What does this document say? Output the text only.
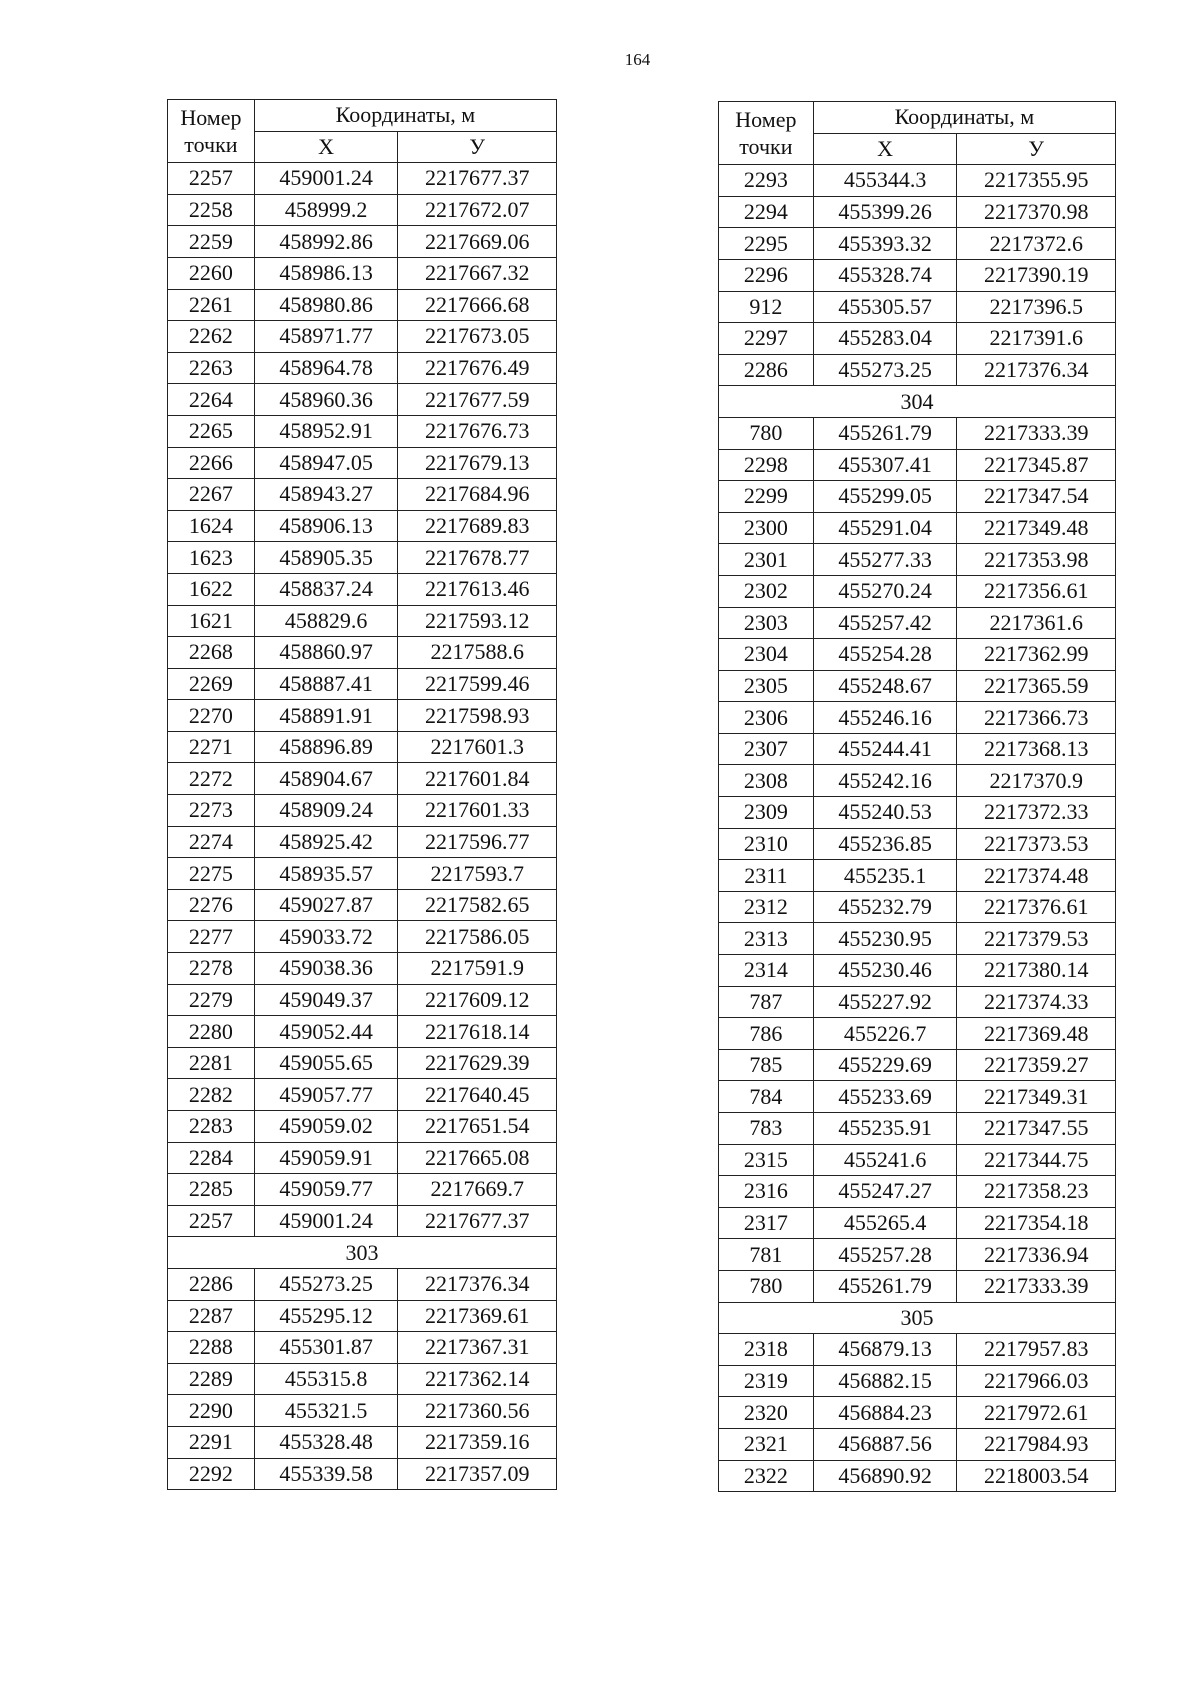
164
Номер
точки	Координаты, м	
	X	У
2257	459001.24	2217677.37
2258	458999.2	2217672.07
2259	458992.86	2217669.06
2260	458986.13	2217667.32
2261	458980.86	2217666.68
2262	458971.77	2217673.05
2263	458964.78	2217676.49
2264	458960.36	2217677.59
2265	458952.91	2217676.73
2266	458947.05	2217679.13
2267	458943.27	2217684.96
1624	458906.13	2217689.83
1623	458905.35	2217678.77
1622	458837.24	2217613.46
1621	458829.6	2217593.12
2268	458860.97	2217588.6
2269	458887.41	2217599.46
2270	458891.91	2217598.93
2271	458896.89	2217601.3
2272	458904.67	2217601.84
2273	458909.24	2217601.33
2274	458925.42	2217596.77
2275	458935.57	2217593.7
2276	459027.87	2217582.65
2277	459033.72	2217586.05
2278	459038.36	2217591.9
2279	459049.37	2217609.12
2280	459052.44	2217618.14
2281	459055.65	2217629.39
2282	459057.77	2217640.45
2283	459059.02	2217651.54
2284	459059.91	2217665.08
2285	459059.77	2217669.7
2257	459001.24	2217677.37
303		
2286	455273.25	2217376.34
2287	455295.12	2217369.61
2288	455301.87	2217367.31
2289	455315.8	2217362.14
2290	455321.5	2217360.56
2291	455328.48	2217359.16
2292	455339.58	2217357.09
Номер
точки	Координаты, м	
	X	У
2293	455344.3	2217355.95
2294	455399.26	2217370.98
2295	455393.32	2217372.6
2296	455328.74	2217390.19
912	455305.57	2217396.5
2297	455283.04	2217391.6
2286	455273.25	2217376.34
304		
780	455261.79	2217333.39
2298	455307.41	2217345.87
2299	455299.05	2217347.54
2300	455291.04	2217349.48
2301	455277.33	2217353.98
2302	455270.24	2217356.61
2303	455257.42	2217361.6
2304	455254.28	2217362.99
2305	455248.67	2217365.59
2306	455246.16	2217366.73
2307	455244.41	2217368.13
2308	455242.16	2217370.9
2309	455240.53	2217372.33
2310	455236.85	2217373.53
2311	455235.1	2217374.48
2312	455232.79	2217376.61
2313	455230.95	2217379.53
2314	455230.46	2217380.14
787	455227.92	2217374.33
786	455226.7	2217369.48
785	455229.69	2217359.27
784	455233.69	2217349.31
783	455235.91	2217347.55
2315	455241.6	2217344.75
2316	455247.27	2217358.23
2317	455265.4	2217354.18
781	455257.28	2217336.94
780	455261.79	2217333.39
305		
2318	456879.13	2217957.83
2319	456882.15	2217966.03
2320	456884.23	2217972.61
2321	456887.56	2217984.93
2322	456890.92	2218003.54
